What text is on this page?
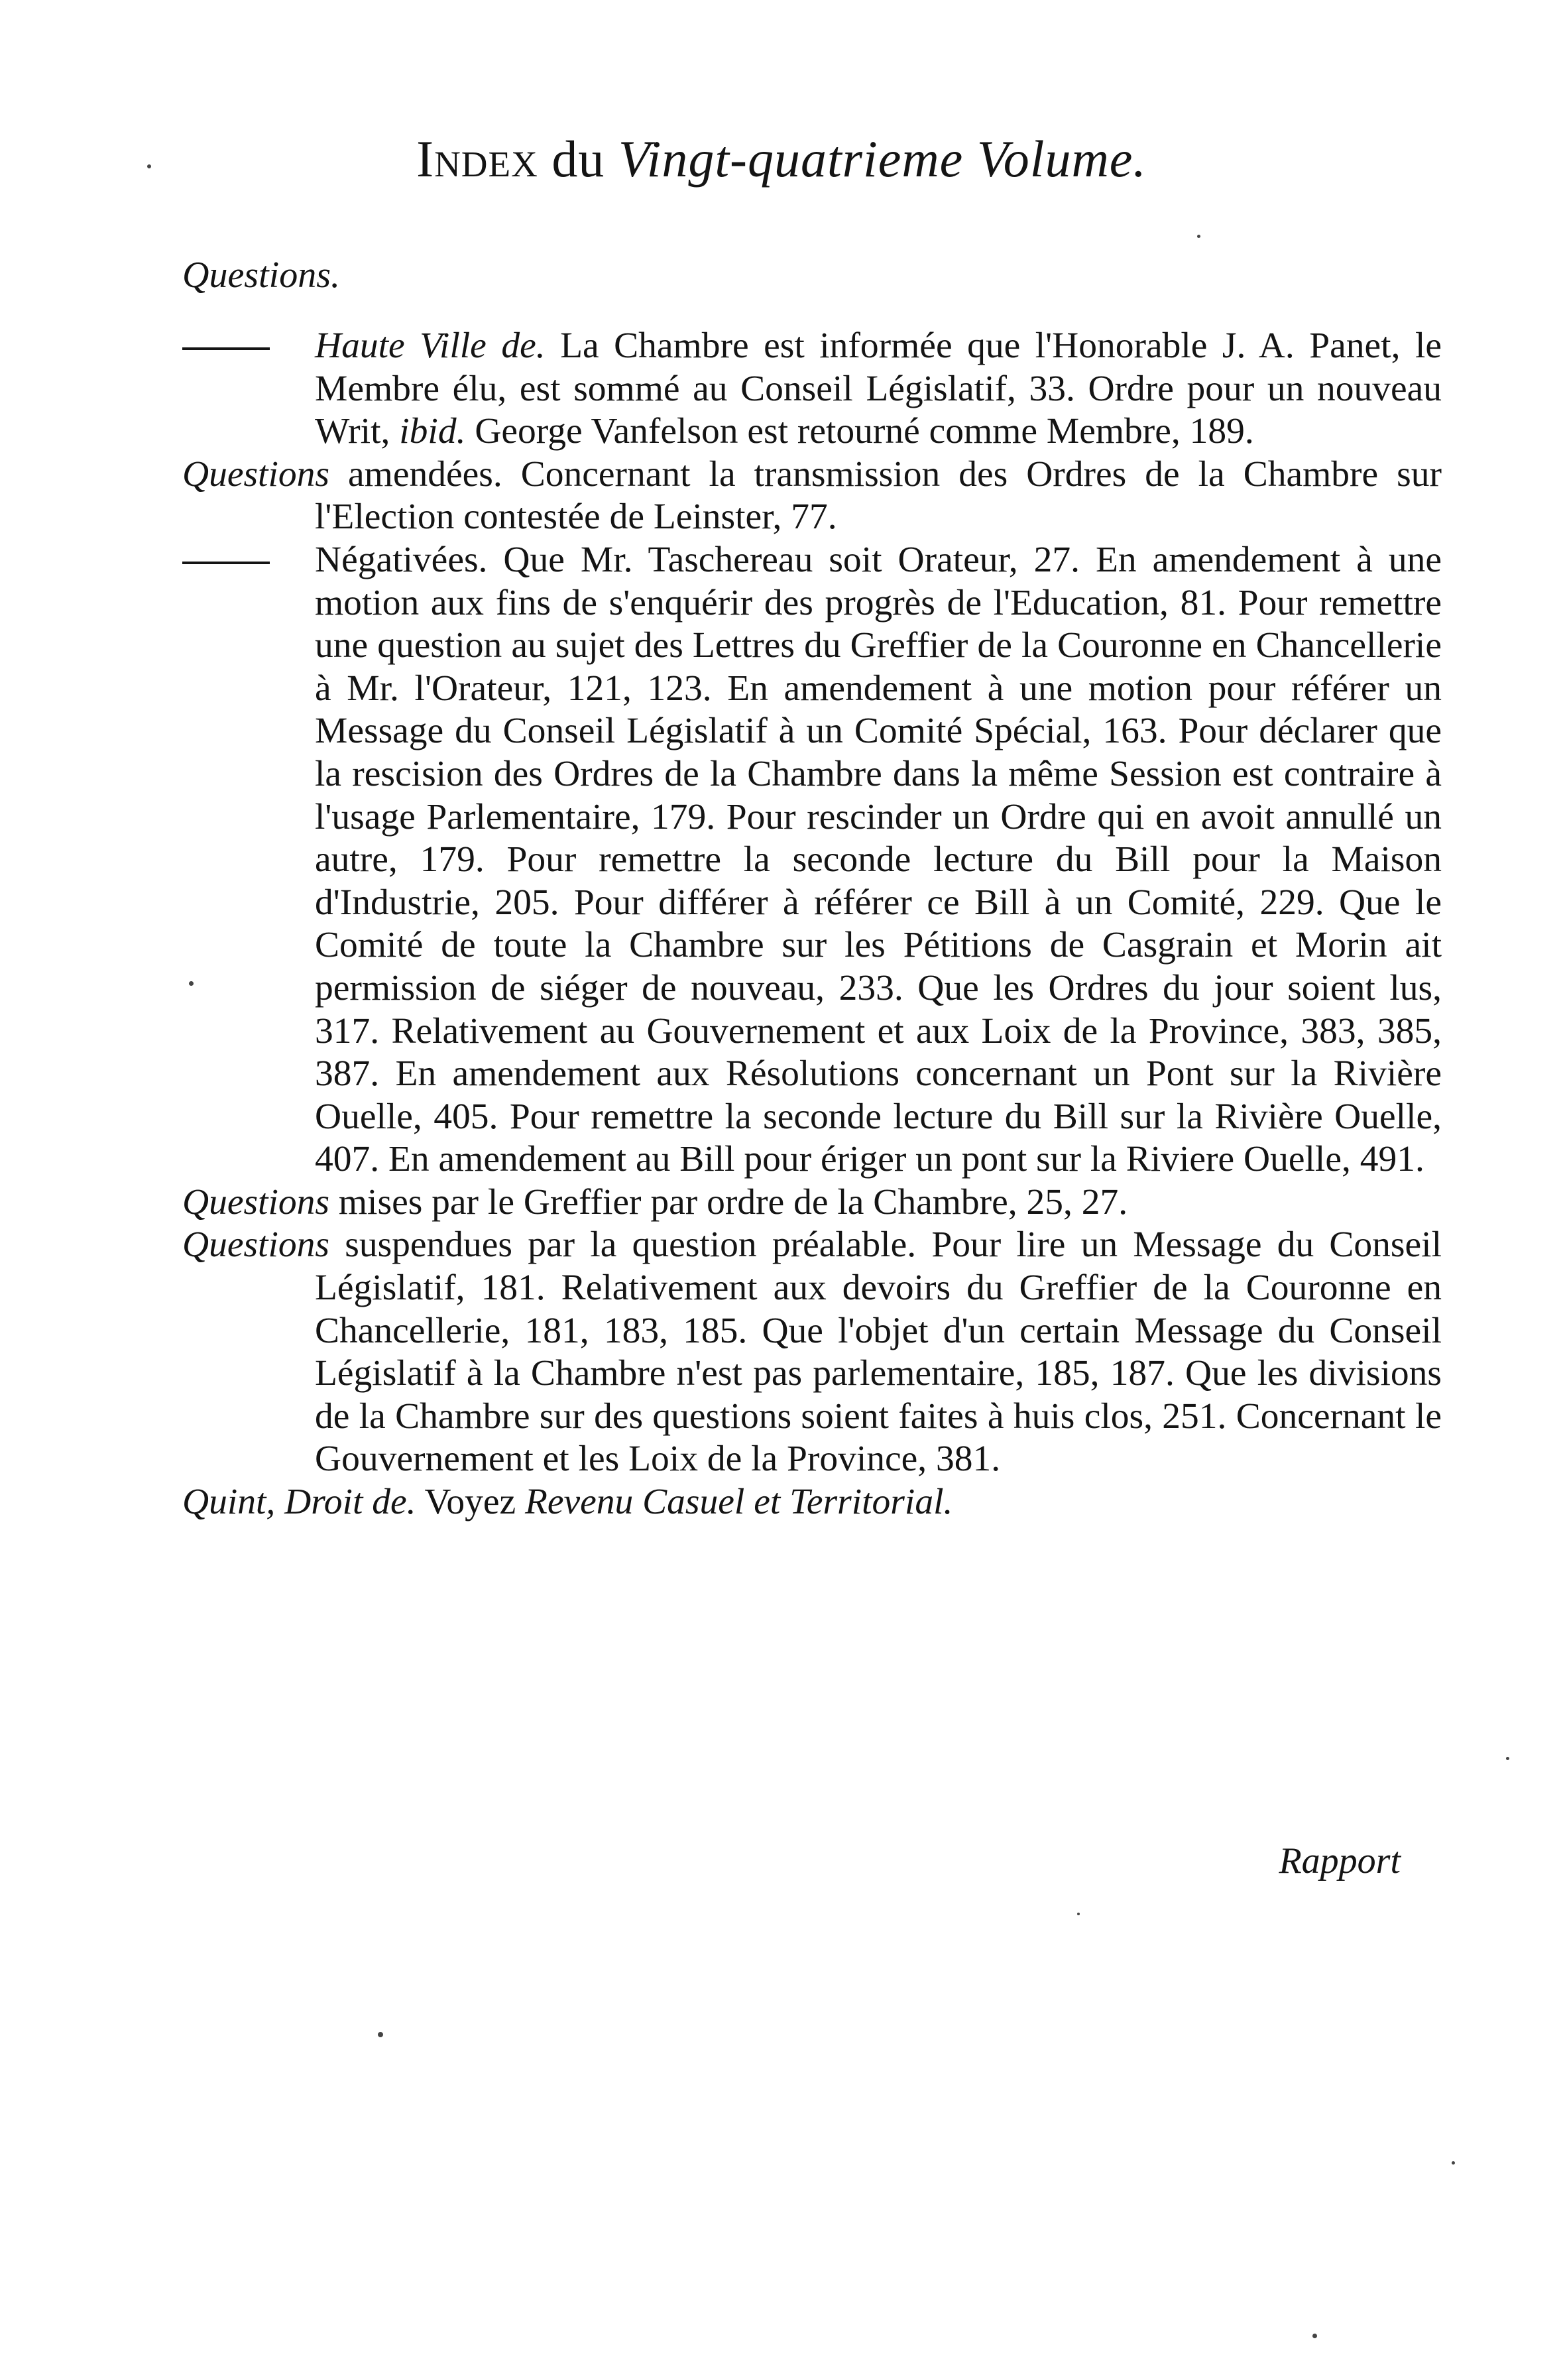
Index du Vingt-quatrieme Volume.
Questions.

Haute Ville de. La Chambre est informée que l'Honorable J. A. Panet, le Membre élu, est sommé au Conseil Législatif, 33. Ordre pour un nouveau Writ, ibid. George Vanfelson est retourné comme Membre, 189.

Questions amendées. Concernant la transmission des Ordres de la Chambre sur l'Election contestée de Leinster, 77.

Négativées. Que Mr. Taschereau soit Orateur, 27. En amendement à une motion aux fins de s'enquérir des progrès de l'Education, 81. Pour remettre une question au sujet des Lettres du Greffier de la Couronne en Chancellerie à Mr. l'Orateur, 121, 123. En amendement à une motion pour référer un Message du Conseil Législatif à un Comité Spécial, 163. Pour déclarer que la rescision des Ordres de la Chambre dans la même Session est contraire à l'usage Parlementaire, 179. Pour rescinder un Ordre qui en avoit annullé un autre, 179. Pour remettre la seconde lecture du Bill pour la Maison d'Industrie, 205. Pour différer à référer ce Bill à un Comité, 229. Que le Comité de toute la Chambre sur les Pétitions de Casgrain et Morin ait permission de siéger de nouveau, 233. Que les Ordres du jour soient lus, 317. Relativement au Gouvernement et aux Loix de la Province, 383, 385, 387. En amendement aux Résolutions concernant un Pont sur la Rivière Ouelle, 405. Pour remettre la seconde lecture du Bill sur la Rivière Ouelle, 407. En amendement au Bill pour ériger un pont sur la Riviere Ouelle, 491.

Questions mises par le Greffier par ordre de la Chambre, 25, 27.

Questions suspendues par la question préalable. Pour lire un Message du Conseil Législatif, 181. Relativement aux devoirs du Greffier de la Couronne en Chancellerie, 181, 183, 185. Que l'objet d'un certain Message du Conseil Législatif à la Chambre n'est pas parlementaire, 185, 187. Que les divisions de la Chambre sur des questions soient faites à huis clos, 251. Concernant le Gouvernement et les Loix de la Province, 381.

Quint, Droit de. Voyez Revenu Casuel et Territorial.

Rapport
